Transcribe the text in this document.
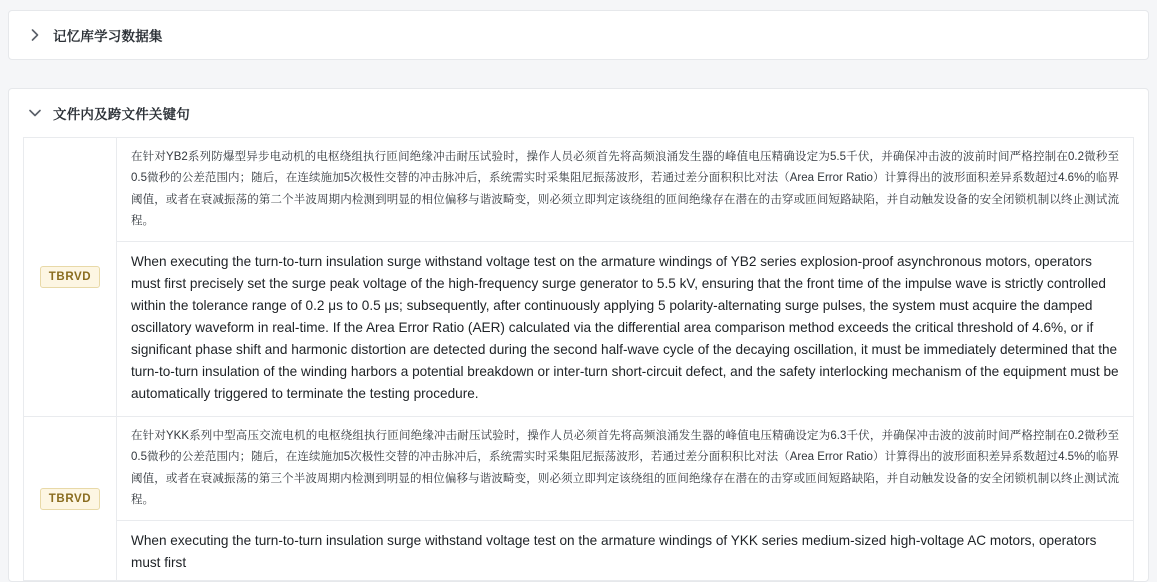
记忆库学习数据集
文件内及跨文件关键句
TBRVD
在针对YB2系列防爆型异步电动机的电枢绕组执行匝间绝缘冲击耐压试验时，操作人员必须首先将高频浪涌发生器的峰值电压精确设定为5.5千伏，并确保冲击波的波前时间严格控制在0.2微秒至0.5微秒的公差范围内；随后，在连续施加5次极性交替的冲击脉冲后，系统需实时采集阻尼振荡波形，若通过差分面积积比对法（Area Error Ratio）计算得出的波形面积差异系数超过4.6%的临界阈值，或者在衰减振荡的第二个半波周期内检测到明显的相位偏移与谐波畸变，则必须立即判定该绕组的匝间绝缘存在潜在的击穿或匝间短路缺陷，并自动触发设备的安全闭锁机制以终止测试流程。
When executing the turn-to-turn insulation surge withstand voltage test on the armature windings of YB2 series explosion-proof asynchronous motors, operators must first precisely set the surge peak voltage of the high-frequency surge generator to 5.5 kV, ensuring that the front time of the impulse wave is strictly controlled within the tolerance range of 0.2 μs to 0.5 μs; subsequently, after continuously applying 5 polarity-alternating surge pulses, the system must acquire the damped oscillatory waveform in real-time. If the Area Error Ratio (AER) calculated via the differential area comparison method exceeds the critical threshold of 4.6%, or if significant phase shift and harmonic distortion are detected during the second half-wave cycle of the decaying oscillation, it must be immediately determined that the turn-to-turn insulation of the winding harbors a potential breakdown or inter-turn short-circuit defect, and the safety interlocking mechanism of the equipment must be automatically triggered to terminate the testing procedure.
TBRVD
在针对YKK系列中型高压交流电机的电枢绕组执行匝间绝缘冲击耐压试验时，操作人员必须首先将高频浪涌发生器的峰值电压精确设定为6.3千伏，并确保冲击波的波前时间严格控制在0.2微秒至0.5微秒的公差范围内；随后，在连续施加5次极性交替的冲击脉冲后，系统需实时采集阻尼振荡波形，若通过差分面积积比对法（Area Error Ratio）计算得出的波形面积差异系数超过4.5%的临界阈值，或者在衰减振荡的第三个半波周期内检测到明显的相位偏移与谐波畸变，则必须立即判定该绕组的匝间绝缘存在潜在的击穿或匝间短路缺陷，并自动触发设备的安全闭锁机制以终止测试流程。
When executing the turn-to-turn insulation surge withstand voltage test on the armature windings of YKK series medium-sized high-voltage AC motors, operators must first
